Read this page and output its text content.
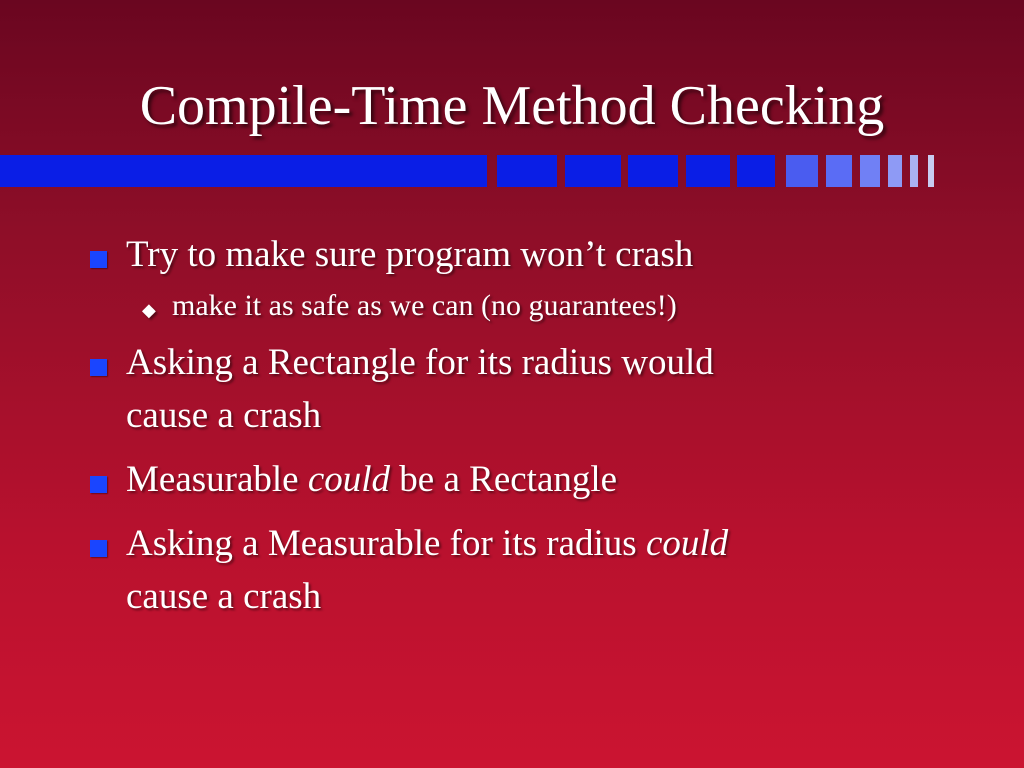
Compile-Time Method Checking
Try to make sure program won’t crash
◆ make it as safe as we can (no guarantees!)
Asking a Rectangle for its radius would
cause a crash
Measurable could be a Rectangle
Asking a Measurable for its radius could
cause a crash
